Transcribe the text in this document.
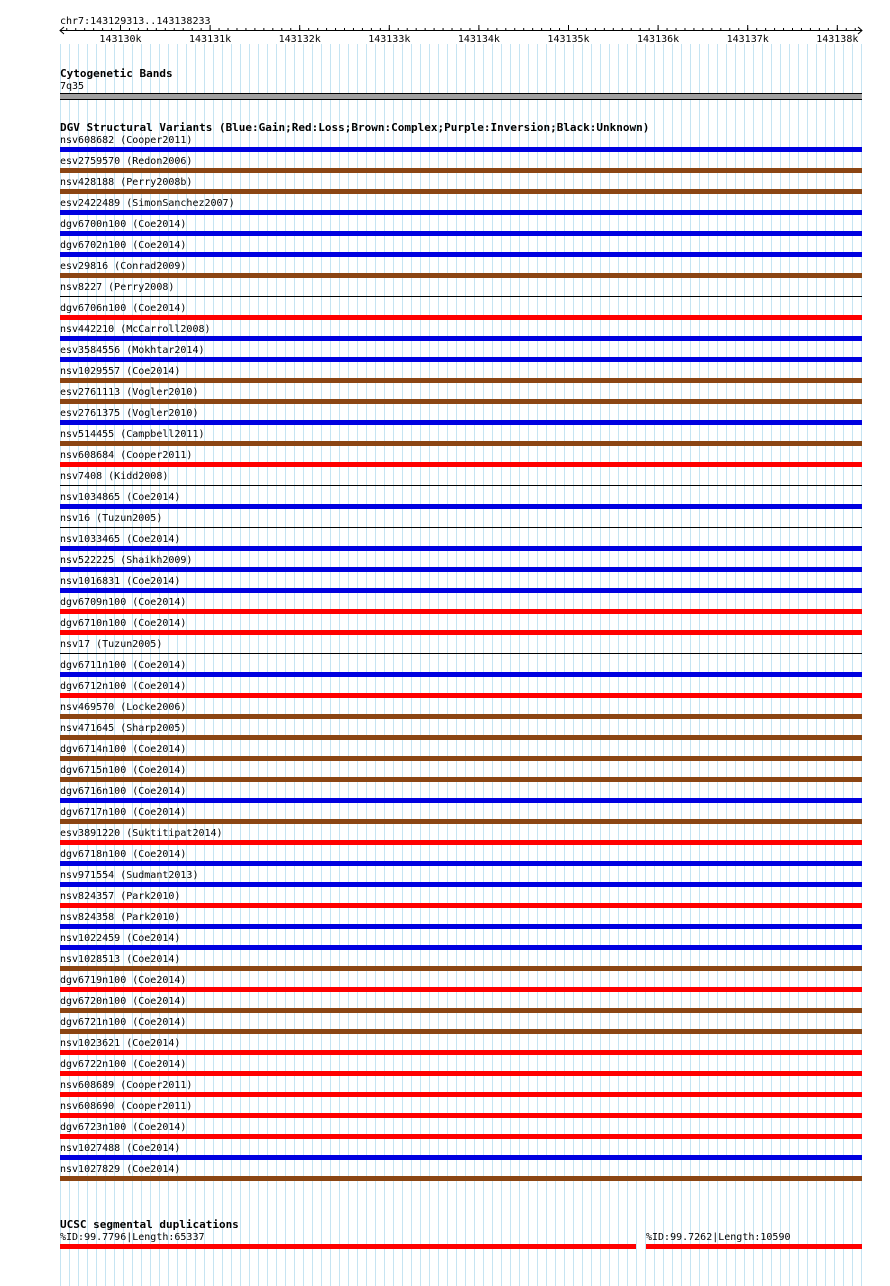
chr7:143129313..143138233
143130k	143131k	143132k	143133k	143134k	143135k	143136k	143137k	143138k
Cytogenetic Bands
7q35
DGV Structural Variants (Blue:Gain;Red:Loss;Brown:Complex;Purple:Inversion;Black:Unknown)
nsv608682 (Cooper2011)
esv2759570 (Redon2006)
nsv428188 (Perry2008b)
esv2422489 (SimonSanchez2007)
dgv6700n100 (Coe2014)
dgv6702n100 (Coe2014)
esv29816 (Conrad2009)
nsv8227 (Perry2008)
dgv6706n100 (Coe2014)
nsv442210 (McCarroll2008)
esv3584556 (Mokhtar2014)
nsv1029557 (Coe2014)
esv2761113 (Vogler2010)
esv2761375 (Vogler2010)
nsv514455 (Campbell2011)
nsv608684 (Cooper2011)
nsv7408 (Kidd2008)
nsv1034865 (Coe2014)
nsv16 (Tuzun2005)
nsv1033465 (Coe2014)
nsv522225 (Shaikh2009)
nsv1016831 (Coe2014)
dgv6709n100 (Coe2014)
dgv6710n100 (Coe2014)
nsv17 (Tuzun2005)
dgv6711n100 (Coe2014)
dgv6712n100 (Coe2014)
nsv469570 (Locke2006)
nsv471645 (Sharp2005)
dgv6714n100 (Coe2014)
dgv6715n100 (Coe2014)
dgv6716n100 (Coe2014)
dgv6717n100 (Coe2014)
esv3891220 (Suktitipat2014)
dgv6718n100 (Coe2014)
nsv971554 (Sudmant2013)
nsv824357 (Park2010)
nsv824358 (Park2010)
nsv1022459 (Coe2014)
nsv1028513 (Coe2014)
dgv6719n100 (Coe2014)
dgv6720n100 (Coe2014)
dgv6721n100 (Coe2014)
nsv1023621 (Coe2014)
dgv6722n100 (Coe2014)
nsv608689 (Cooper2011)
nsv608690 (Cooper2011)
dgv6723n100 (Coe2014)
nsv1027488 (Coe2014)
nsv1027829 (Coe2014)
UCSC segmental duplications
%ID:99.7796|Length:65337	%ID:99.7262|Length:10590
